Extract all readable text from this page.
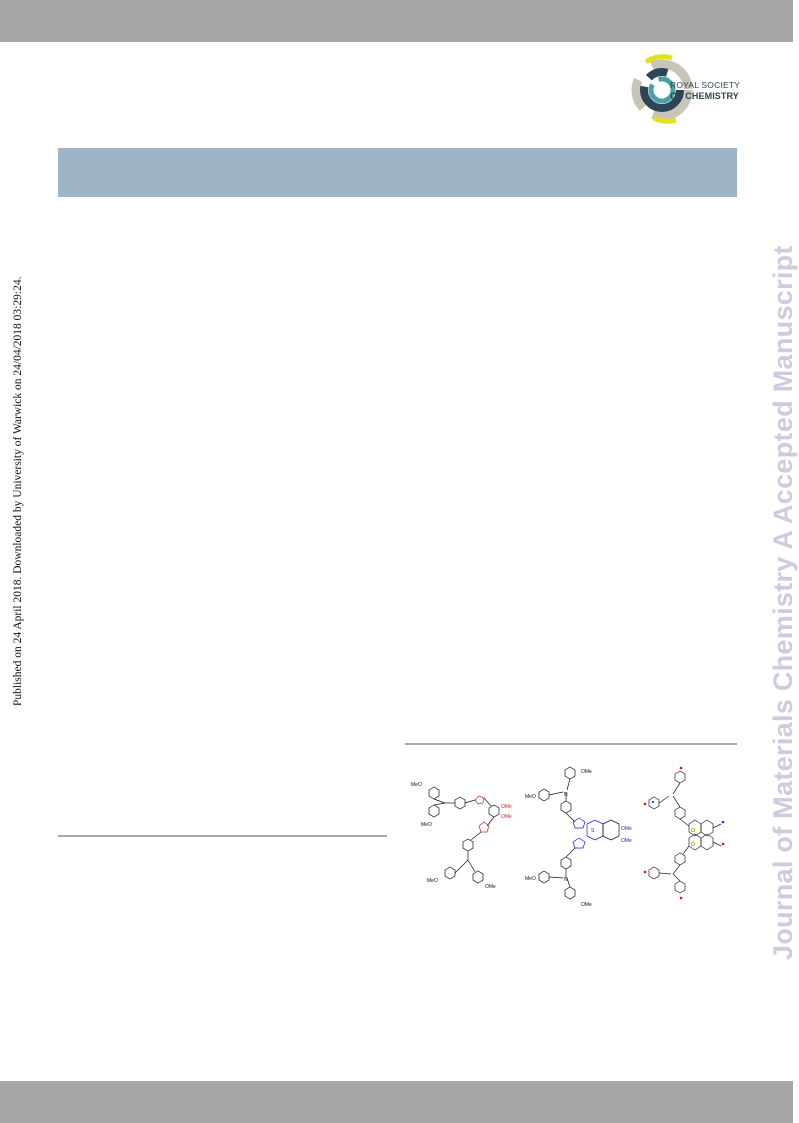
ROYAL SOCIETY
OF CHEMISTRY
Published on 24 April 2018. Downloaded by University of Warwick on 24/04/2018 03:29:24.	Journal of Materials Chemistry A Accepted Manuscript
MeO
MeO
OMe
OMe
MeO
OMe
OMe
MeO	N
S	OMe
OMe
MeO	N
OMe
